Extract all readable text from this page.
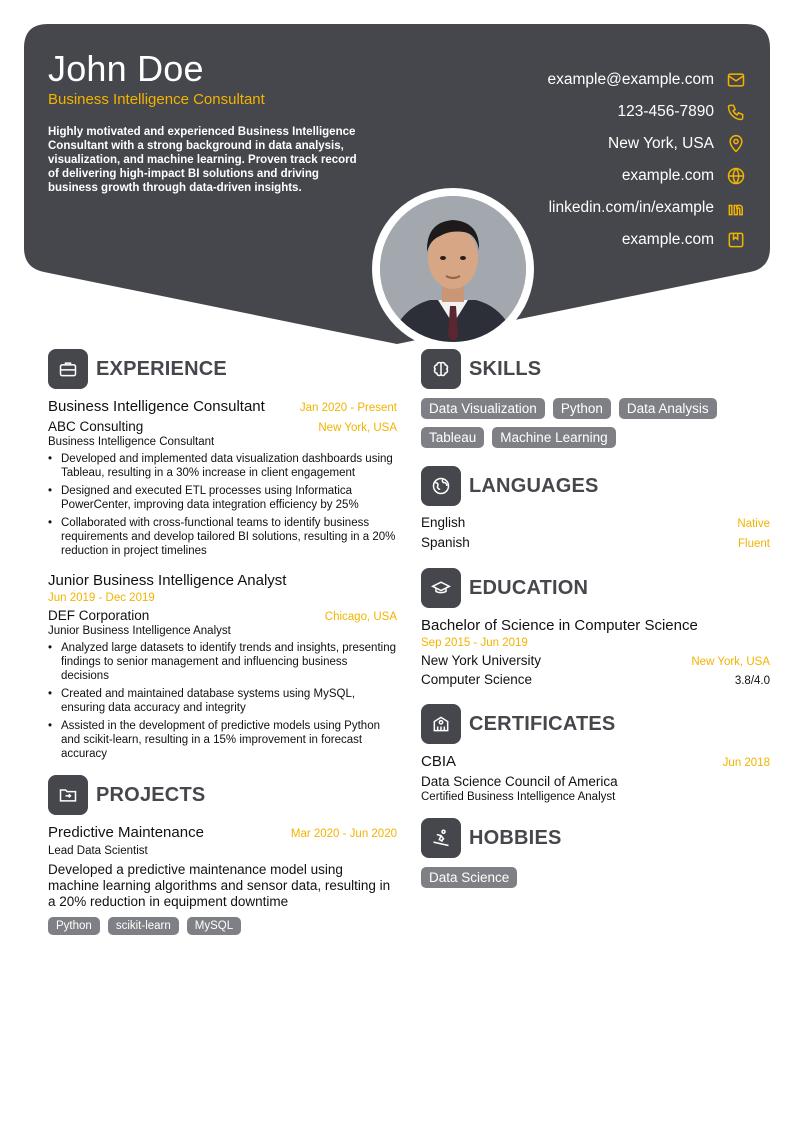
John Doe
Business Intelligence Consultant
Highly motivated and experienced Business Intelligence Consultant with a strong background in data analysis, visualization, and machine learning. Proven track record of delivering high-impact BI solutions and driving business growth through data-driven insights.
example@example.com
123-456-7890
New York, USA
example.com
linkedin.com/in/example
example.com
EXPERIENCE
Business Intelligence Consultant	Jan 2020 - Present
ABC Consulting	New York, USA
Business Intelligence Consultant
• Developed and implemented data visualization dashboards using Tableau, resulting in a 30% increase in client engagement
• Designed and executed ETL processes using Informatica PowerCenter, improving data integration efficiency by 25%
• Collaborated with cross-functional teams to identify business requirements and develop tailored BI solutions, resulting in a 20% reduction in project timelines
Junior Business Intelligence Analyst
Jun 2019 - Dec 2019
DEF Corporation	Chicago, USA
Junior Business Intelligence Analyst
• Analyzed large datasets to identify trends and insights, presenting findings to senior management and influencing business decisions
• Created and maintained database systems using MySQL, ensuring data accuracy and integrity
• Assisted in the development of predictive models using Python and scikit-learn, resulting in a 15% improvement in forecast accuracy
PROJECTS
Predictive Maintenance	Mar 2020 - Jun 2020
Lead Data Scientist
Developed a predictive maintenance model using machine learning algorithms and sensor data, resulting in a 20% reduction in equipment downtime
Python scikit-learn MySQL
SKILLS
Data Visualization Python Data AnalysisTableau Machine Learning
LANGUAGES
English	Native
Spanish	Fluent
EDUCATION
Bachelor of Science in Computer Science
Sep 2015 - Jun 2019
New York University	New York, USA
Computer Science	3.8/4.0
CERTIFICATES
CBIA	Jun 2018
Data Science Council of America
Certified Business Intelligence Analyst
HOBBIES
Data Science
